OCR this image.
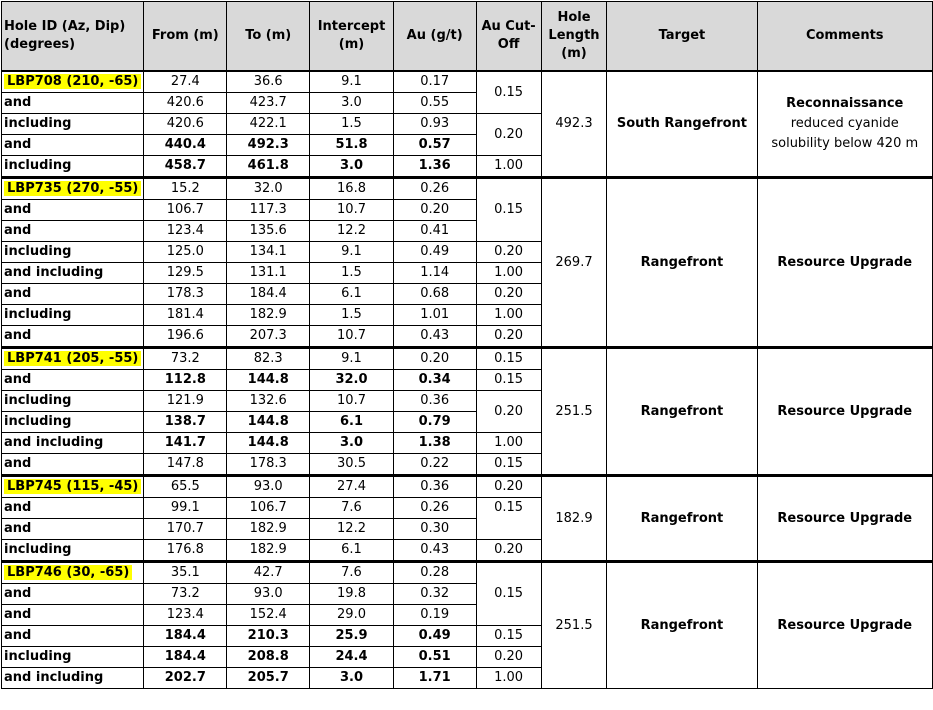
Hole ID (Az, Dip) (degrees)	From (m)	To (m)	Intercept (m)	Au (g/t)	Au Cut-Off	Hole Length (m)	Target	Comments
LBP708 (210, -65)	27.4	36.6	9.1	0.17	0.15	492.3	South Rangefront	Reconnaissance
reduced cyanide solubility below 420 m

and	420.6	423.7	3.0	0.55				
including	420.6	422.1	1.5	0.93	0.20			
and	440.4	492.3	51.8	0.57				
including	458.7	461.8	3.0	1.36	1.00			
LBP735 (270, -55)	15.2	32.0	16.8	0.26	0.15	269.7	Rangefront	Resource Upgrade
and	106.7	117.3	10.7	0.20				
and	123.4	135.6	12.2	0.41				
including	125.0	134.1	9.1	0.49	0.20			
and including	129.5	131.1	1.5	1.14	1.00			
and	178.3	184.4	6.1	0.68	0.20			
including	181.4	182.9	1.5	1.01	1.00			
and	196.6	207.3	10.7	0.43	0.20			
LBP741 (205, -55)	73.2	82.3	9.1	0.20	0.15	251.5	Rangefront	Resource Upgrade
and	112.8	144.8	32.0	0.34	0.15			
including	121.9	132.6	10.7	0.36	0.20			
including	138.7	144.8	6.1	0.79				
and including	141.7	144.8	3.0	1.38	1.00			
and	147.8	178.3	30.5	0.22	0.15			
LBP745 (115, -45)	65.5	93.0	27.4	0.36	0.20	182.9	Rangefront	Resource Upgrade
and	99.1	106.7	7.6	0.26	0.15			
and	170.7	182.9	12.2	0.30				
including	176.8	182.9	6.1	0.43	0.20			
LBP746 (30, -65)	35.1	42.7	7.6	0.28	0.15	251.5	Rangefront	Resource Upgrade
and	73.2	93.0	19.8	0.32				
and	123.4	152.4	29.0	0.19				
and	184.4	210.3	25.9	0.49	0.15			
including	184.4	208.8	24.4	0.51	0.20			
and including	202.7	205.7	3.0	1.71	1.00			
